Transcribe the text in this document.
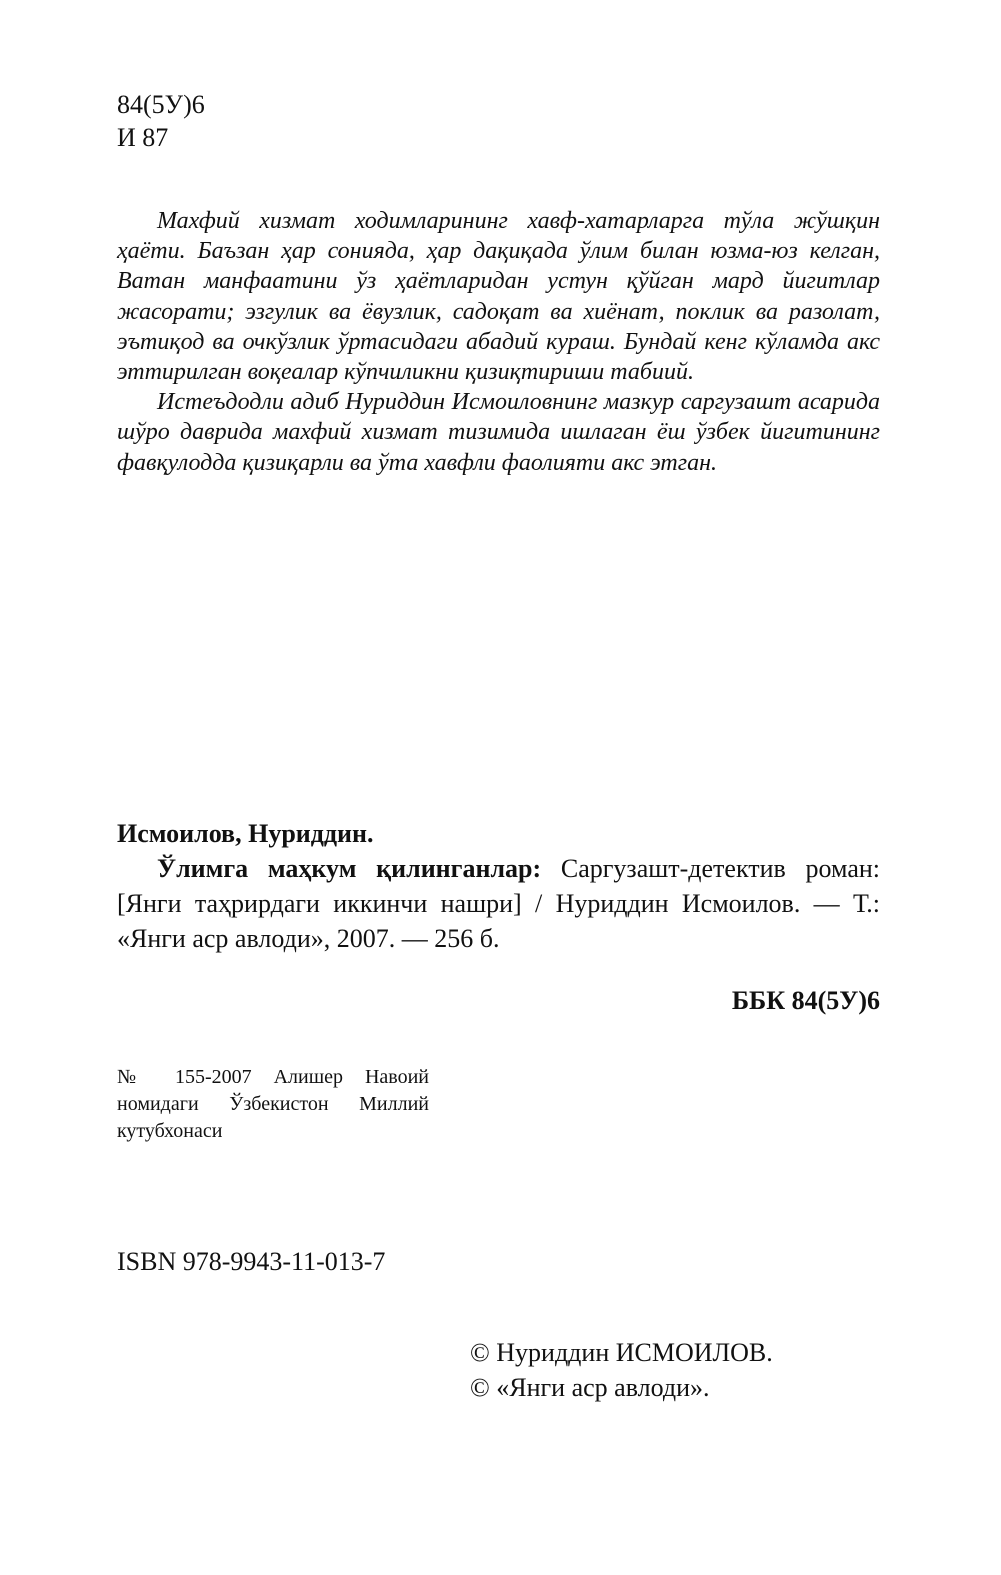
84(5У)6
И 87

Махфий хизмат ходимларининг хавф-хатарларга тўла жўшқин ҳаёти. Баъзан ҳар сонияда, ҳар дақиқада ўлим билан юзма-юз келган, Ватан манфаатини ўз ҳаётларидан устун қўйган мард йигитлар жасорати; эзгулик ва ёвузлик, садоқат ва хиёнат, поклик ва разолат, эътиқод ва очкўзлик ўртасидаги абадий кураш. Бундай кенг кўламда акс эттирилган воқеалар кўпчиликни қизиқтириши табиий.

Истеъдодли адиб Нуриддин Исмоиловнинг мазкур саргузашт асарида шўро даврида махфий хизмат тизимида ишлаган ёш ўзбек йигитининг фавқулодда қизиқарли ва ўта хавфли фаолияти акс этган.

Исмоилов, Нуриддин.

Ўлимга маҳкум қилинганлар: Саргузашт-детектив роман: [Янги таҳрирдаги иккинчи нашри] / Нуриддин Исмоилов. — Т.: «Янги аср авлоди», 2007. — 256 б.

ББК 84(5У)6
№ 155-2007 Алишер Навоий номидаги Ўзбекистон Миллий кутубхонаси
ISBN 978-9943-11-013-7
© Нуриддин ИСМОИЛОВ.
© «Янги аср авлоди».
